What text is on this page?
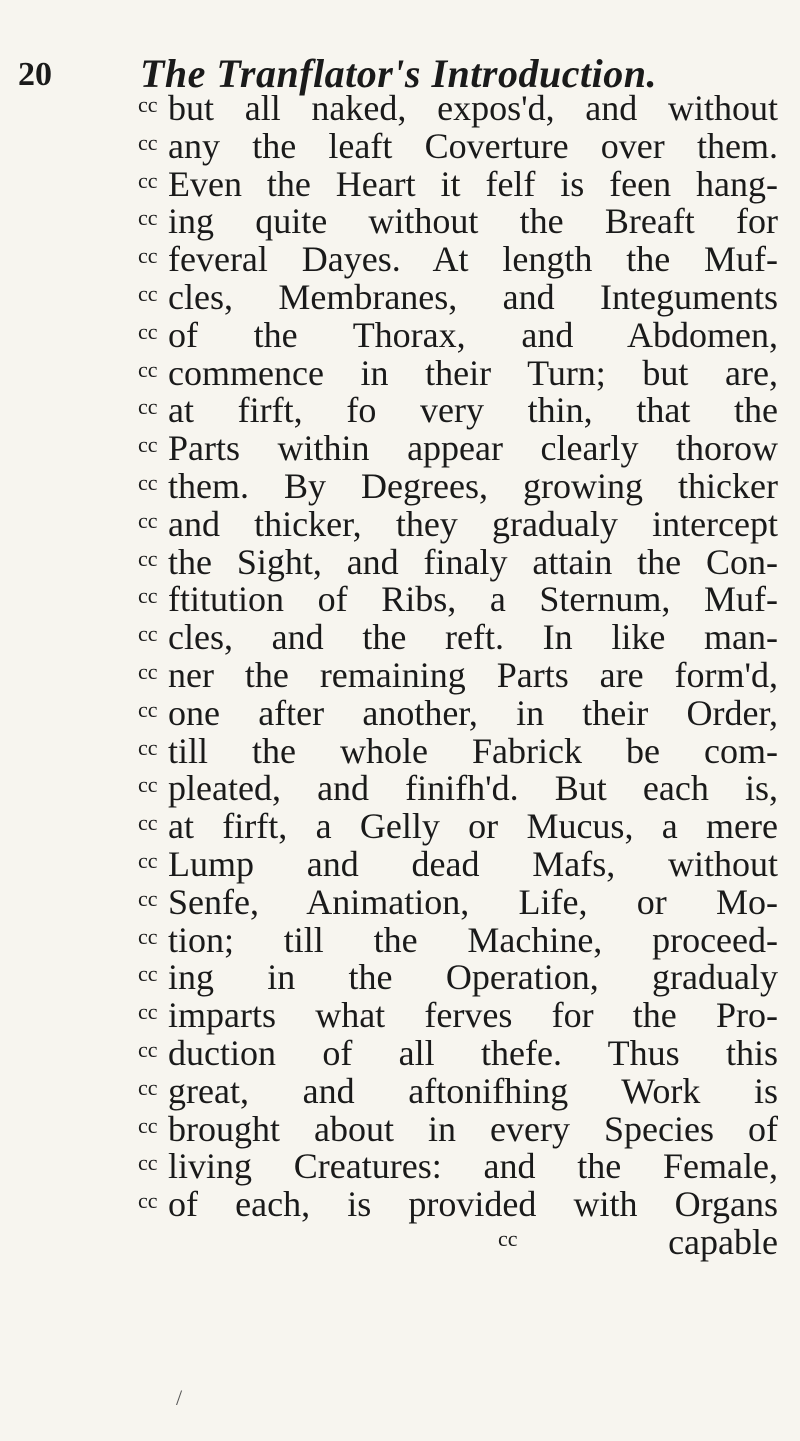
20 The Tranflator's Introduction.
cc but all naked, expos'd, and without
cc any the leaft Coverture over them.
cc Even the Heart it felf is feen hang-
cc ing quite without the Breaft for
cc feveral Dayes. At length the Muf-
cc cles, Membranes, and Integuments
cc of the Thorax, and Abdomen,
cc commence in their Turn; but are,
cc at firft, fo very thin, that the
cc Parts within appear clearly thorow
cc them. By Degrees, growing thicker
cc and thicker, they gradualy intercept
cc the Sight, and finaly attain the Con-
cc ftitution of Ribs, a Sternum, Muf-
cc cles, and the reft. In like man-
cc ner the remaining Parts are form'd,
cc one after another, in their Order,
cc till the whole Fabrick be com-
cc pleated, and finifh'd. But each is,
cc at firft, a Gelly or Mucus, a mere
cc Lump and dead Mafs, without
cc Senfe, Animation, Life, or Mo-
cc tion; till the Machine, proceed-
cc ing in the Operation, gradualy
cc imparts what ferves for the Pro-
cc duction of all thefe. Thus this
cc great, and aftonifhing Work is
cc brought about in every Species of
cc living Creatures: and the Female,
cc of each, is provided with Organs
cc	capable
/
